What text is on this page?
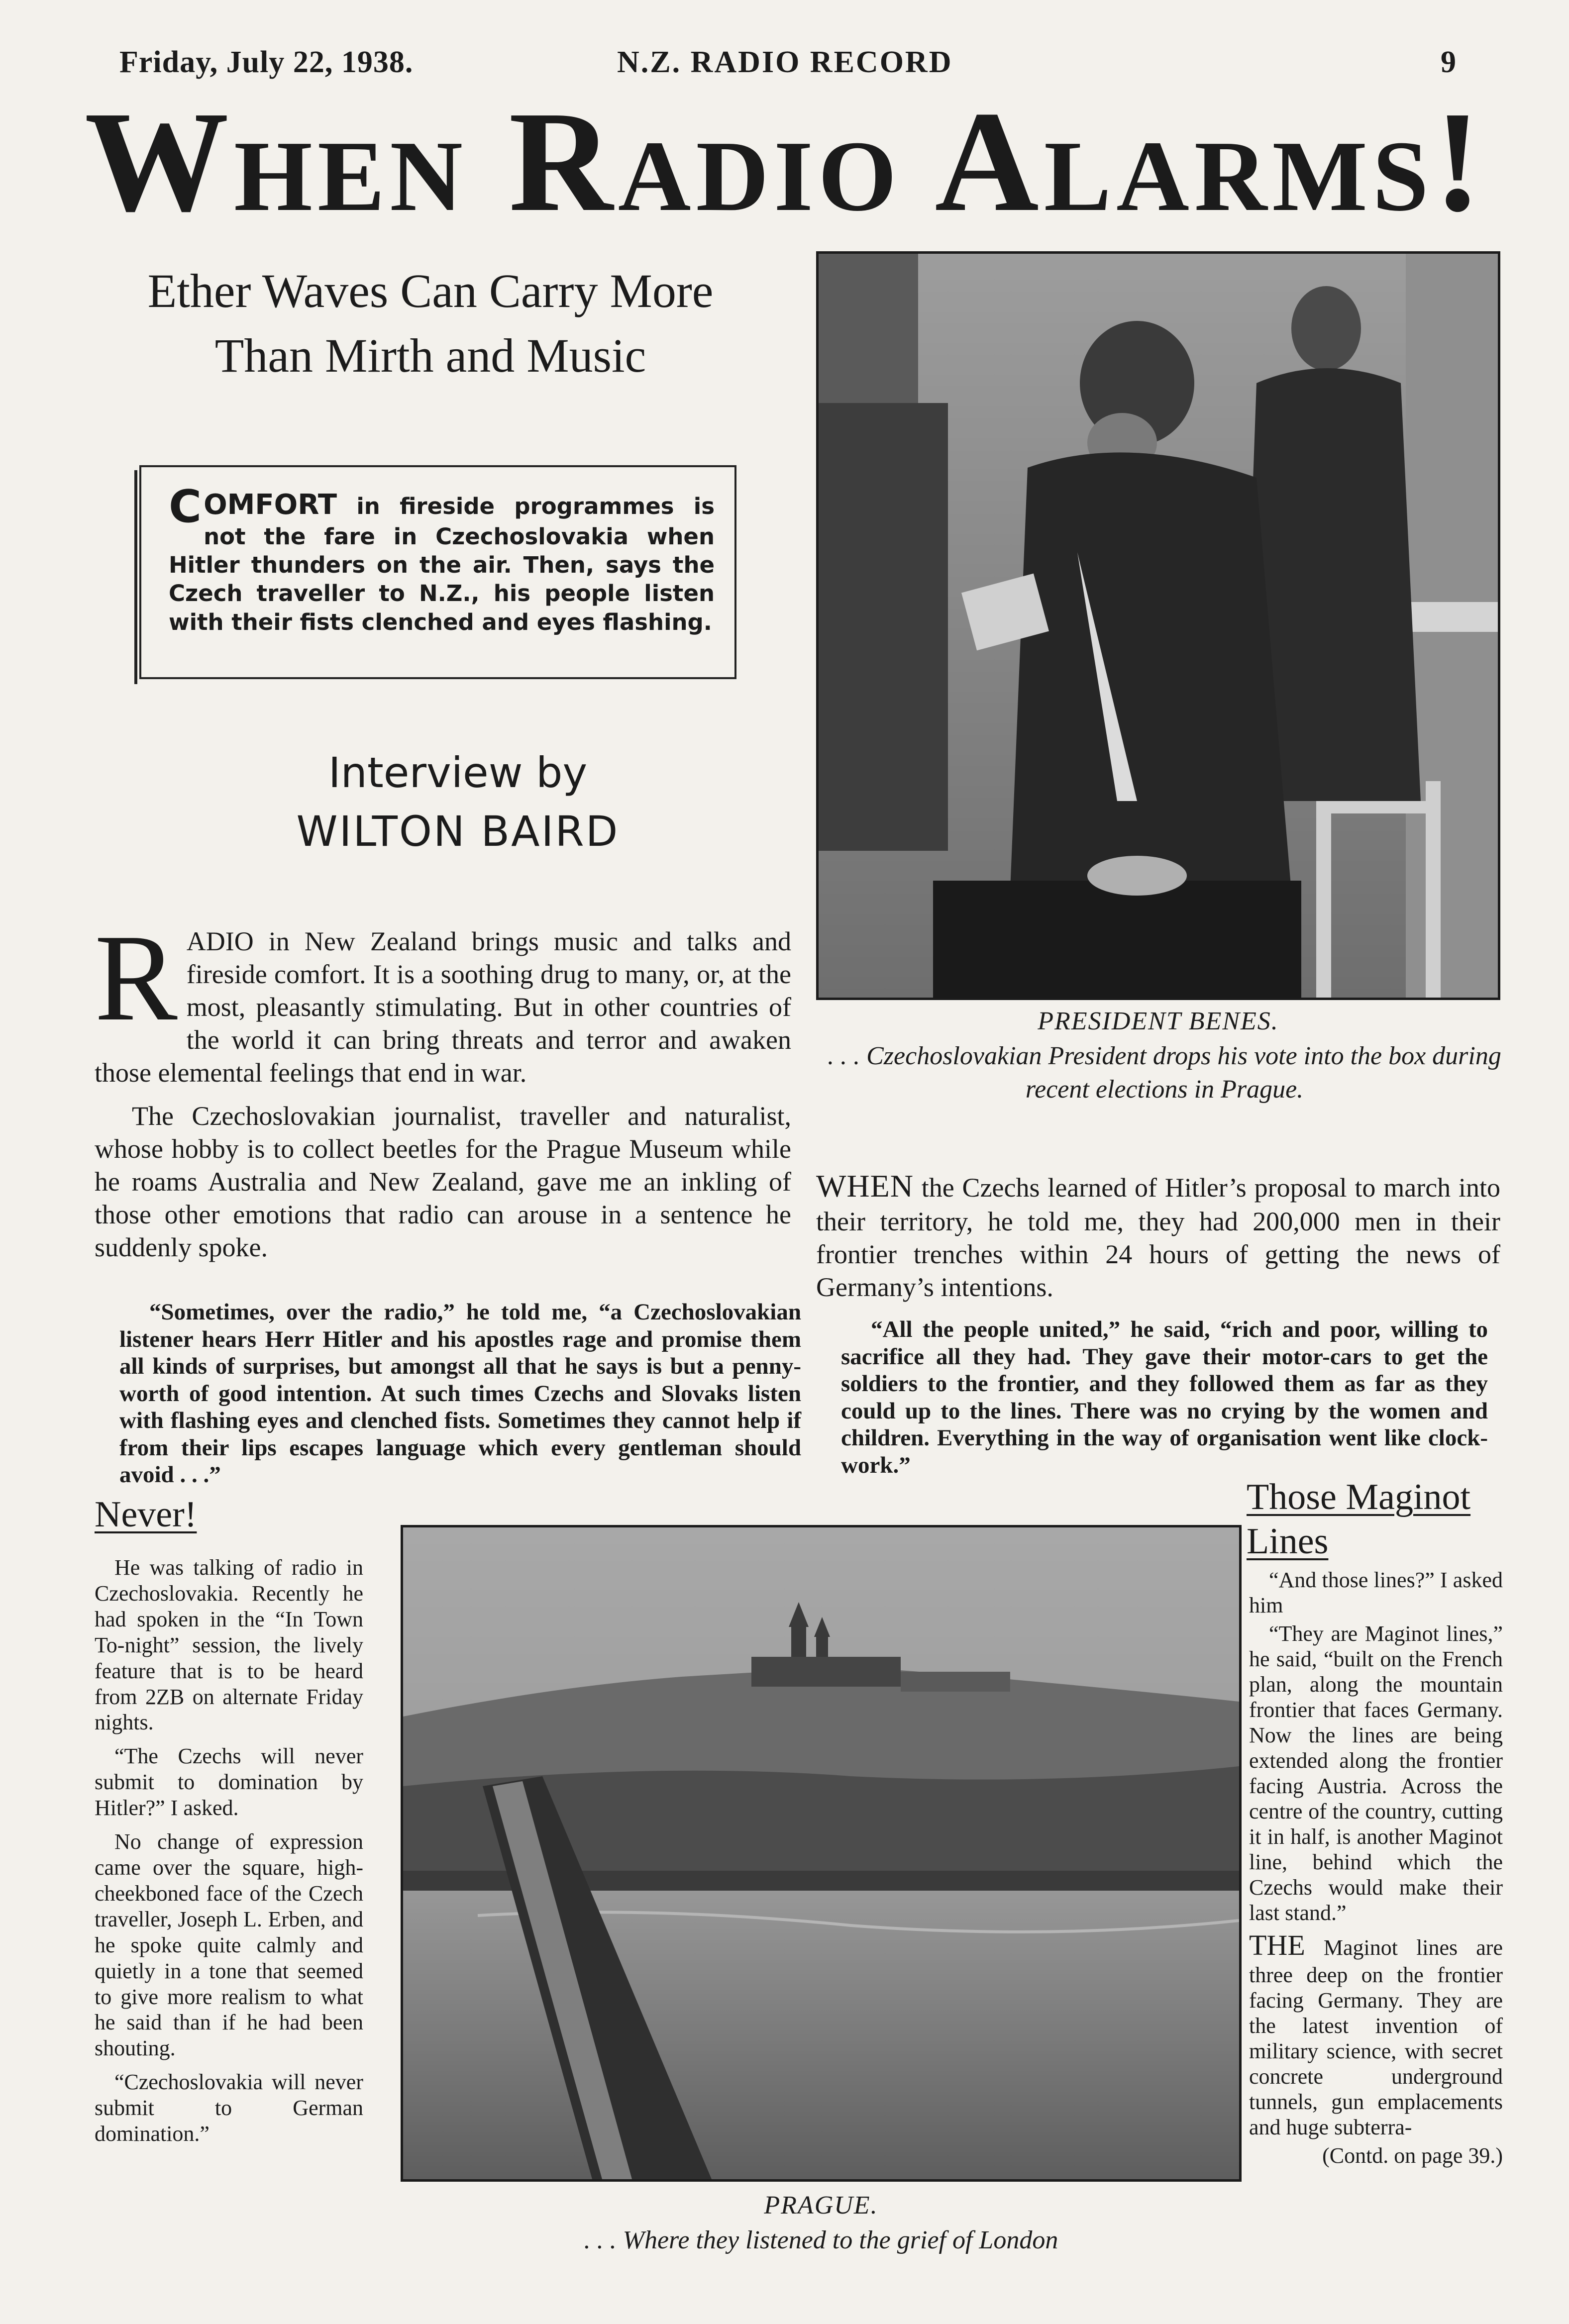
Friday, July 22, 1938.	N.Z. RADIO RECORD	9
When Radio Alarms!
Ether Waves Can Carry More
Than Mirth and Music
COMFORT in fireside programmes is not the fare in Czechoslovakia when Hitler thunders on the air. Then, says the Czech traveller to N.Z., his people listen with their fists clenched and eyes flashing.
Interview by
WILTON BAIRD
PRESIDENT BENES.
. . . Czechoslovakian President drops his vote into the box during recent elections in Prague.

RADIO in New Zealand brings music and talks and fireside comfort. It is a soothing drug to many, or, at the most, pleasantly stimulating. But in other countries of the world it can bring threats and terror and awaken those elemental feelings that end in war.

The Czechoslovakian journalist, traveller and naturalist, whose hobby is to collect beetles for the Prague Museum while he roams Australia and New Zealand, gave me an inkling of those other emotions that radio can arouse in a sentence he suddenly spoke.

“Sometimes, over the radio,” he told me, “a Czechoslovakian listener hears Herr Hitler and his apostles rage and promise them all kinds of surprises, but amongst all that he says is but a penny-worth of good intention. At such times Czechs and Slovaks listen with flashing eyes and clenched fists. Sometimes they cannot help if from their lips escapes language which every gentleman should avoid . . .”

WHEN the Czechs learned of Hitler’s proposal to march into their territory, he told me, they had 200,000 men in their frontier trenches within 24 hours of getting the news of Germany’s intentions.

“All the people united,” he said, “rich and poor, willing to sacrifice all they had. They gave their motor-cars to get the soldiers to the frontier, and they followed them as far as they could up to the lines. There was no crying by the women and children. Everything in the way of organisation went like clock-work.”

Never!

He was talking of radio in Czechoslovakia. Recently he had spoken in the “In Town To-night” session, the lively feature that is to be heard from 2ZB on alternate Friday nights.

“The Czechs will never submit to domination by Hitler?” I asked.

No change of expression came over the square, high-cheekboned face of the Czech traveller, Joseph L. Erben, and he spoke quite calmly and quietly in a tone that seemed to give more realism to what he said than if he had been shouting.

“Czechoslovakia will never submit to German domination.”

PRAGUE.
. . . Where they listened to the grief of London
Those Maginot Lines

“And those lines?” I asked him

“They are Maginot lines,” he said, “built on the French plan, along the mountain frontier that faces Germany. Now the lines are being extended along the frontier facing Austria. Across the centre of the country, cutting it in half, is another Maginot line, behind which the Czechs would make their last stand.”

THE Maginot lines are three deep on the frontier facing Germany. They are the latest invention of military science, with secret concrete underground tunnels, gun emplacements and huge subterra-

(Contd. on page 39.)
